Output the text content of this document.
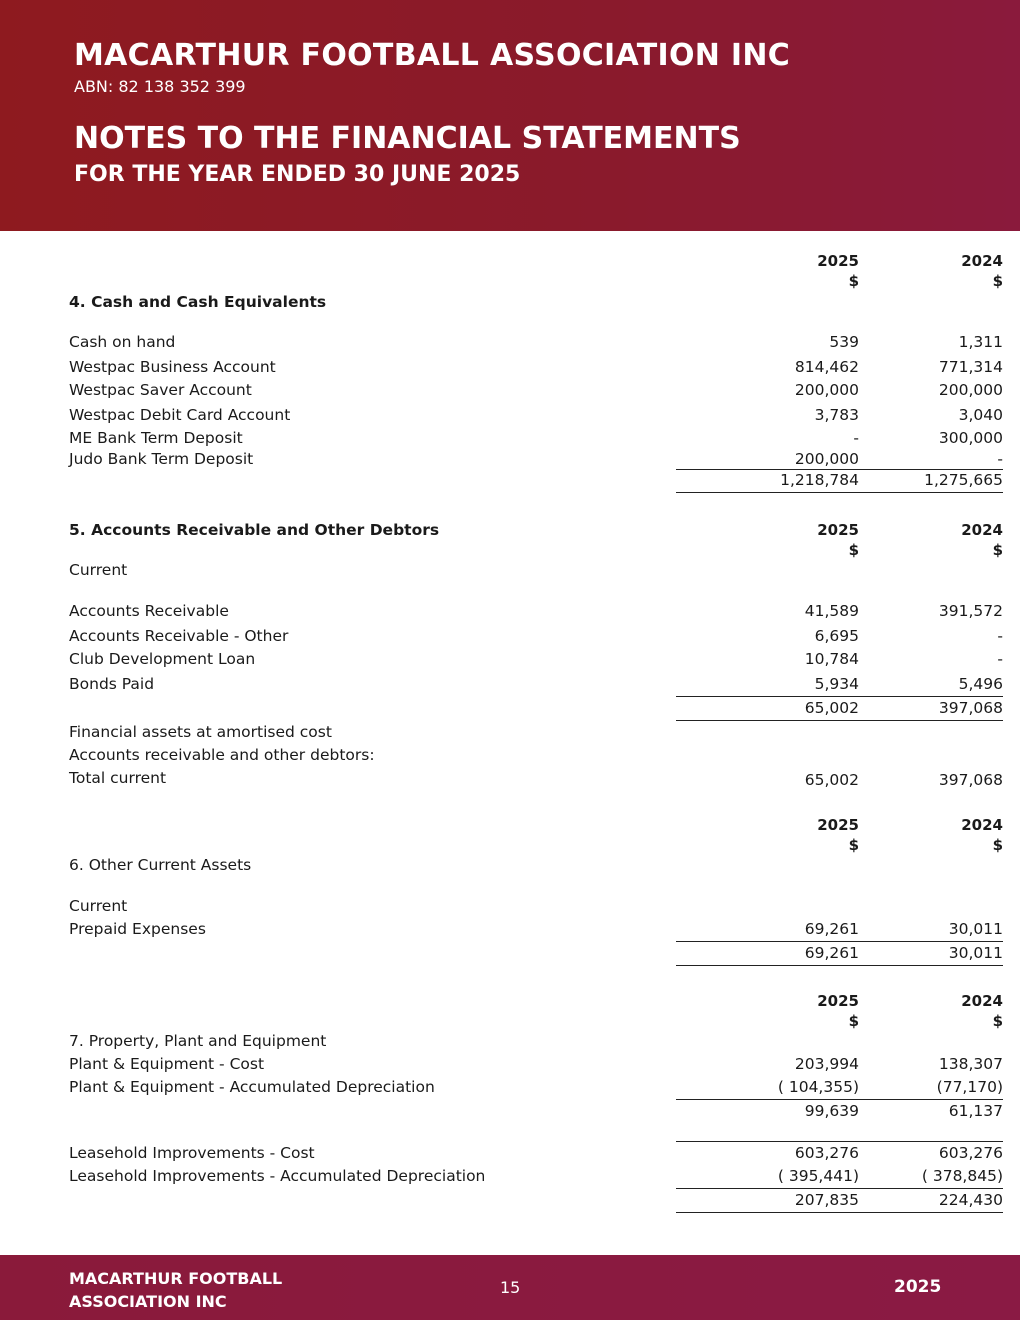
MACARTHUR FOOTBALL ASSOCIATION INC
ABN: 82 138 352 399
NOTES TO THE FINANCIAL STATEMENTS
FOR THE YEAR ENDED 30 JUNE 2025
2025	2024
$	$
4. Cash and Cash Equivalents
Cash on hand	539	1,311
Westpac Business Account	814,462	771,314
Westpac Saver Account	200,000	200,000
Westpac Debit Card Account	3,783	3,040
ME Bank Term Deposit	-	300,000
Judo Bank Term Deposit	200,000	-
1,218,784	1,275,665
5. Accounts Receivable and Other Debtors	2025	2024
$	$
Current
Accounts Receivable	41,589	391,572
Accounts Receivable - Other	6,695	-
Club Development Loan	10,784	-
Bonds Paid	5,934	5,496
65,002	397,068
Financial assets at amortised cost
Accounts receivable and other debtors:
Total current	65,002	397,068
2025	2024
$	$
6. Other Current Assets
Current
Prepaid Expenses	69,261	30,011
69,261	30,011
2025	2024
$	$
7. Property, Plant and Equipment
Plant & Equipment - Cost	203,994	138,307
Plant & Equipment - Accumulated Depreciation	( 104,355)	(77,170)
99,639	61,137
Leasehold Improvements - Cost	603,276	603,276
Leasehold Improvements - Accumulated Depreciation	( 395,441)	( 378,845)
207,835	224,430
MACARTHUR FOOTBALL ASSOCIATION INC
15	2025
